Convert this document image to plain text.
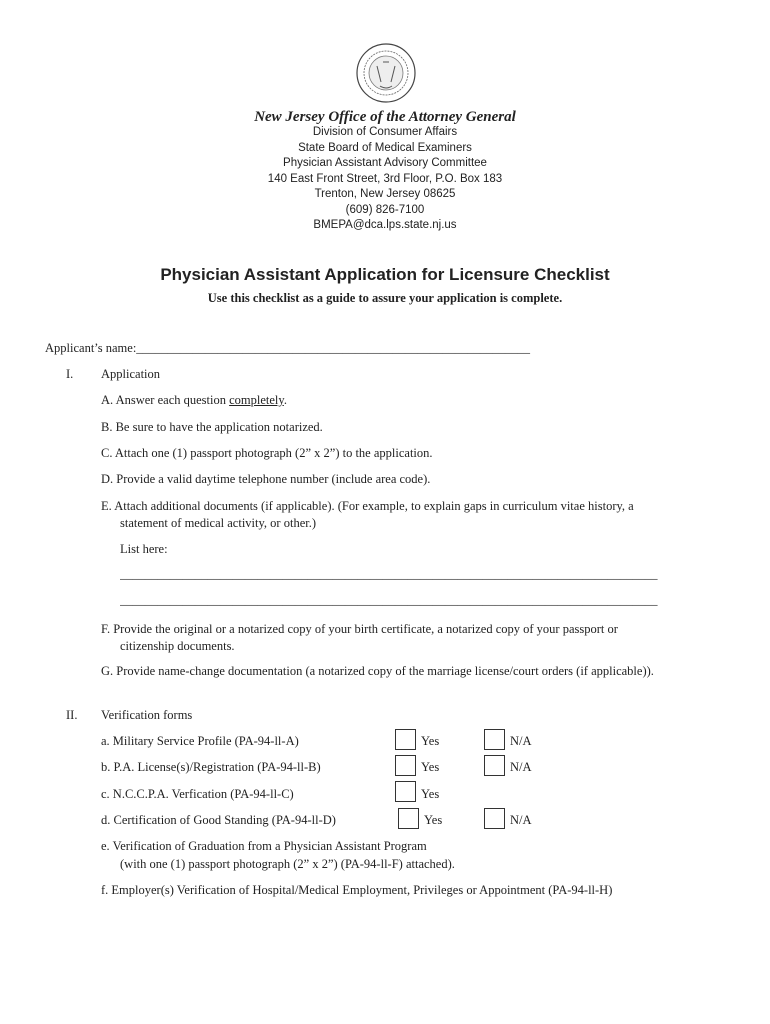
New Jersey Office of the Attorney General
Division of Consumer Affairs
State Board of Medical Examiners
Physician Assistant Advisory Committee
140 East Front Street, 3rd Floor, P.O. Box 183
Trenton, New Jersey 08625
(609) 826-7100
BMEPA@dca.lps.state.nj.us
Physician Assistant Application for Licensure Checklist
Use this checklist as a guide to assure your application is complete.
Applicant’s name:_______________________________________________________________
I. Application
A. Answer each question completely.
B. Be sure to have the application notarized.
C. Attach one (1) passport photograph (2” x 2”) to the application.
D. Provide a valid daytime telephone number (include area code).
E. Attach additional documents (if applicable). (For example, to explain gaps in curriculum vitae history, a
statement of medical activity, or other.)
List here:
______________________________________________________________________________________
______________________________________________________________________________________
F. Provide the original or a notarized copy of your birth certificate, a notarized copy of your passport or
citizenship documents.
G. Provide name-change documentation (a notarized copy of the marriage license/court orders (if applicable)).
II. Verification forms
a. Military Service Profile (PA-94-ll-A)	Yes	N/A
b. P.A. License(s)/Registration (PA-94-ll-B)	Yes	N/A
c. N.C.C.P.A. Verfication (PA-94-ll-C)	Yes
d. Certification of Good Standing (PA-94-ll-D)	Yes	N/A
e. Verification of Graduation from a Physician Assistant Program
(with one (1) passport photograph (2” x 2”) (PA-94-ll-F) attached).
f. Employer(s) Verification of Hospital/Medical Employment, Privileges or Appointment (PA-94-ll-H)
